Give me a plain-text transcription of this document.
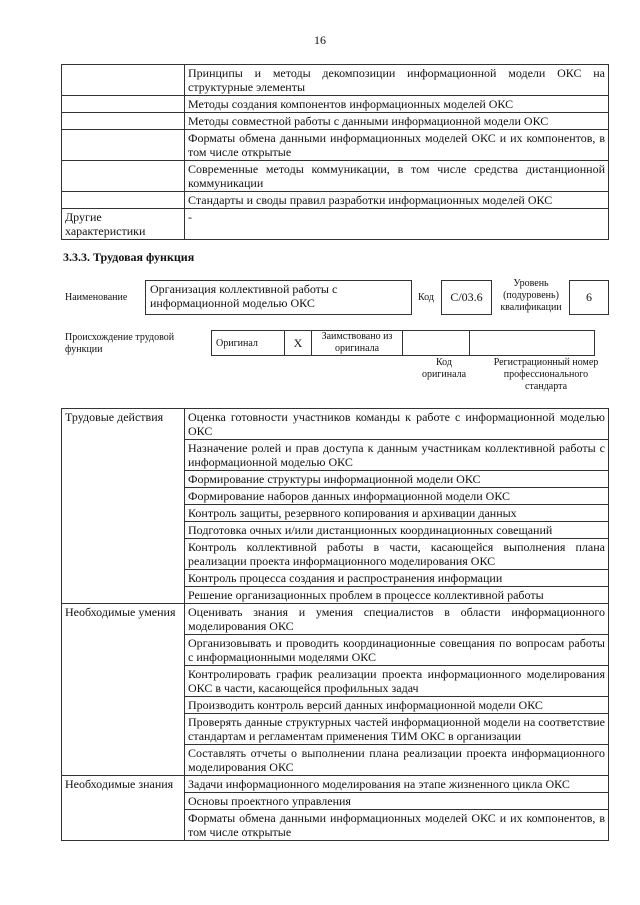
16
	Принципы и методы декомпозиции информационной модели ОКС на структурные элементы
	Методы создания компонентов информационных моделей ОКС
	Методы совместной работы с данными информационной модели ОКС
	Форматы обмена данными информационных моделей ОКС и их компонентов, в том числе открытые
	Современные методы коммуникации, в том числе средства дистанционной коммуникации
	Стандарты и своды правил разработки информационных моделей ОКС
Другие характеристики	-
3.3.3. Трудовая функция
Наименование
Организация коллективной работы с информационной моделью ОКС	Код	С/03.6
Уровень (подуровень) квалификации
6
Происхождение трудовой функции
Оригинал	X	Заимствовано из оригинала		
Код оригинала
Регистрационный номер профессионального стандарта
Трудовые действия	Оценка готовности участников команды к работе с информационной моделью ОКС
	Назначение ролей и прав доступа к данным участникам коллективной работы с информационной моделью ОКС
	Формирование структуры информационной модели ОКС
	Формирование наборов данных информационной модели ОКС
	Контроль защиты, резервного копирования и архивации данных
	Подготовка очных и/или дистанционных координационных совещаний
	Контроль коллективной работы в части, касающейся выполнения плана реализации проекта информационного моделирования ОКС
	Контроль процесса создания и распространения информации
	Решение организационных проблем в процессе коллективной работы
Необходимые умения	Оценивать знания и умения специалистов в области информационного моделирования ОКС
	Организовывать и проводить координационные совещания по вопросам работы с информационными моделями ОКС
	Контролировать график реализации проекта информационного моделирования ОКС в части, касающейся профильных задач
	Производить контроль версий данных информационной модели ОКС
	Проверять данные структурных частей информационной модели на соответствие стандартам и регламентам применения ТИМ ОКС в организации
	Составлять отчеты о выполнении плана реализации проекта информационного моделирования ОКС
Необходимые знания	Задачи информационного моделирования на этапе жизненного цикла ОКС
	Основы проектного управления
	Форматы обмена данными информационных моделей ОКС и их компонентов, в том числе открытые
